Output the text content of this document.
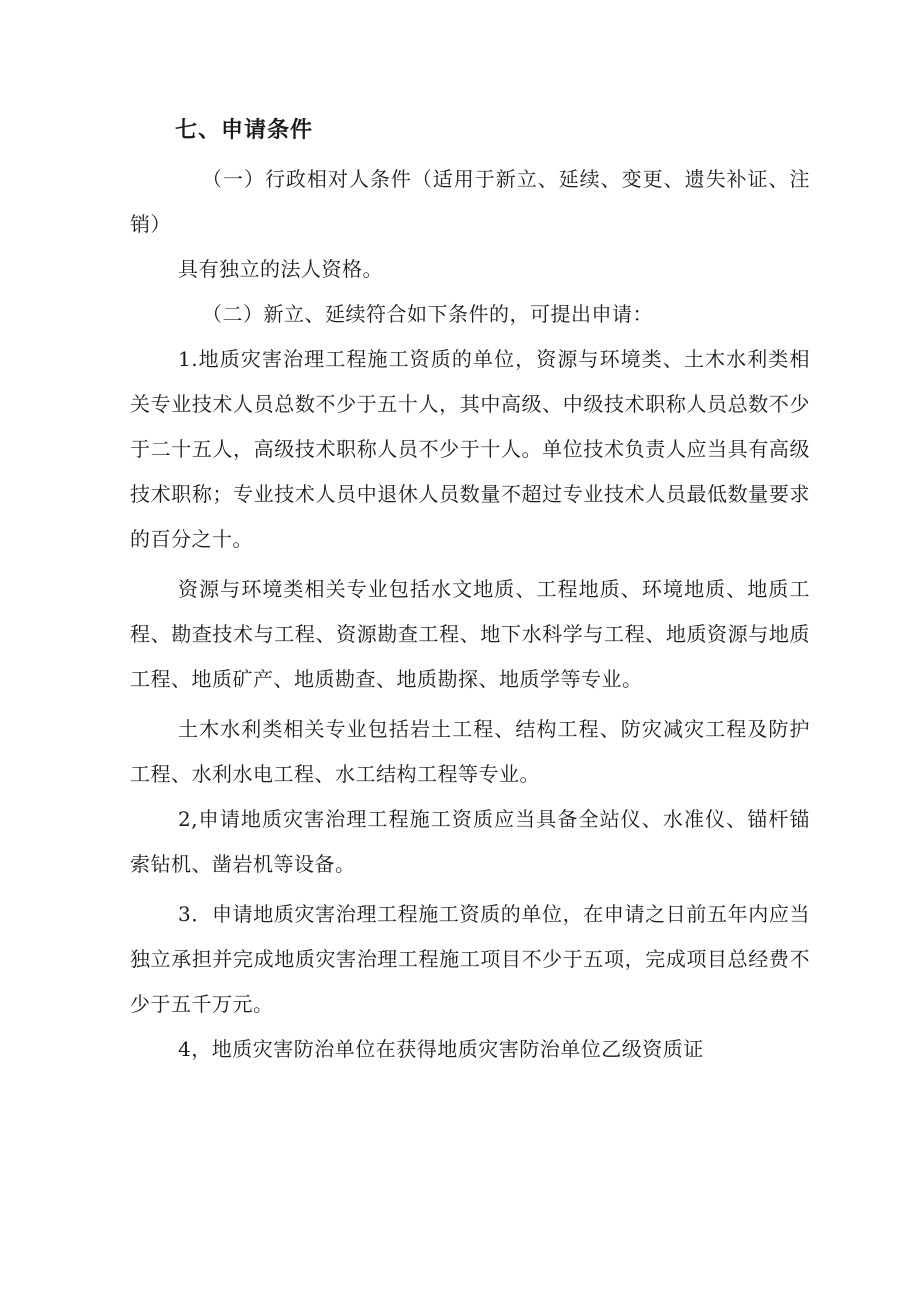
七、申请条件

（一）行政相对人条件（适用于新立、延续、变更、遗失补证、注销）

具有独立的法人资格。

（二）新立、延续符合如下条件的，可提出申请：

1.地质灾害治理工程施工资质的单位，资源与环境类、土木水利类相关专业技术人员总数不少于五十人，其中高级、中级技术职称人员总数不少于二十五人，高级技术职称人员不少于十人。单位技术负责人应当具有高级技术职称；专业技术人员中退休人员数量不超过专业技术人员最低数量要求的百分之十。

资源与环境类相关专业包括水文地质、工程地质、环境地质、地质工程、勘查技术与工程、资源勘查工程、地下水科学与工程、地质资源与地质工程、地质矿产、地质勘查、地质勘探、地质学等专业。

土木水利类相关专业包括岩土工程、结构工程、防灾减灾工程及防护工程、水利水电工程、水工结构工程等专业。

2,申请地质灾害治理工程施工资质应当具备全站仪、水准仪、锚杆锚索钻机、凿岩机等设备。

3．申请地质灾害治理工程施工资质的单位，在申请之日前五年内应当独立承担并完成地质灾害治理工程施工项目不少于五项，完成项目总经费不少于五千万元。

4，地质灾害防治单位在获得地质灾害防治单位乙级资质证
